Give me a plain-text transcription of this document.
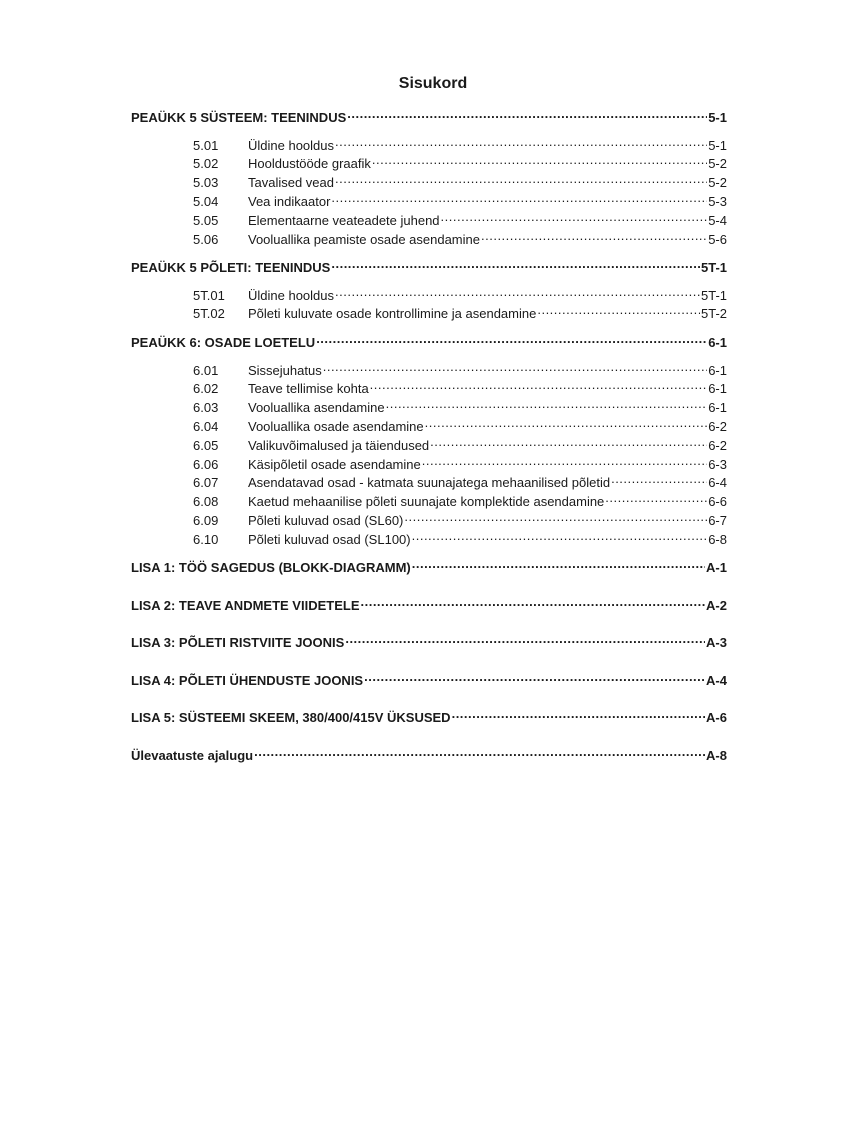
Sisukord
PEAÜKK 5 SÜSTEEM: TEENINDUS .....	5-1
5.01	Üldine hooldus .....	5-1
5.02	Hooldustööde graafik .....	5-2
5.03	Tavalised vead .....	5-2
5.04	Vea indikaator .....	5-3
5.05	Elementaarne veateadete juhend .....	5-4
5.06	Vooluallika peamiste osade asendamine .....	5-6
PEAÜKK 5 PÕLETI: TEENINDUS .....	5T-1
5T.01	Üldine hooldus .....	5T-1
5T.02	Põleti kuluvate osade kontrollimine ja asendamine .....	5T-2
PEAÜKK 6: OSADE LOETELU .....	6-1
6.01	Sissejuhatus .....	6-1
6.02	Teave tellimise kohta .....	6-1
6.03	Vooluallika asendamine .....	6-1
6.04	Vooluallika osade asendamine .....	6-2
6.05	Valikuvõimalused ja täiendused .....	6-2
6.06	Käsipõletil osade asendamine .....	6-3
6.07	Asendatavad osad - katmata suunajatega mehaanilised põletid .....	6-4
6.08	Kaetud mehaanilise põleti suunajate komplektide asendamine .....	6-6
6.09	Põleti kuluvad osad (SL60) .....	6-7
6.10	Põleti kuluvad osad (SL100) .....	6-8
LISA 1: TÖÖ SAGEDUS (BLOKK-DIAGRAMM) .....	A-1
LISA 2: TEAVE ANDMETE VIIDETELE .....	A-2
LISA 3: PÕLETI RISTVIITE JOONIS .....	A-3
LISA 4: PÕLETI ÜHENDUSTE JOONIS .....	A-4
LISA 5: SÜSTEEMI SKEEM, 380/400/415V ÜKSUSED .....	A-6
Ülevaatuste ajalugu .....	A-8
